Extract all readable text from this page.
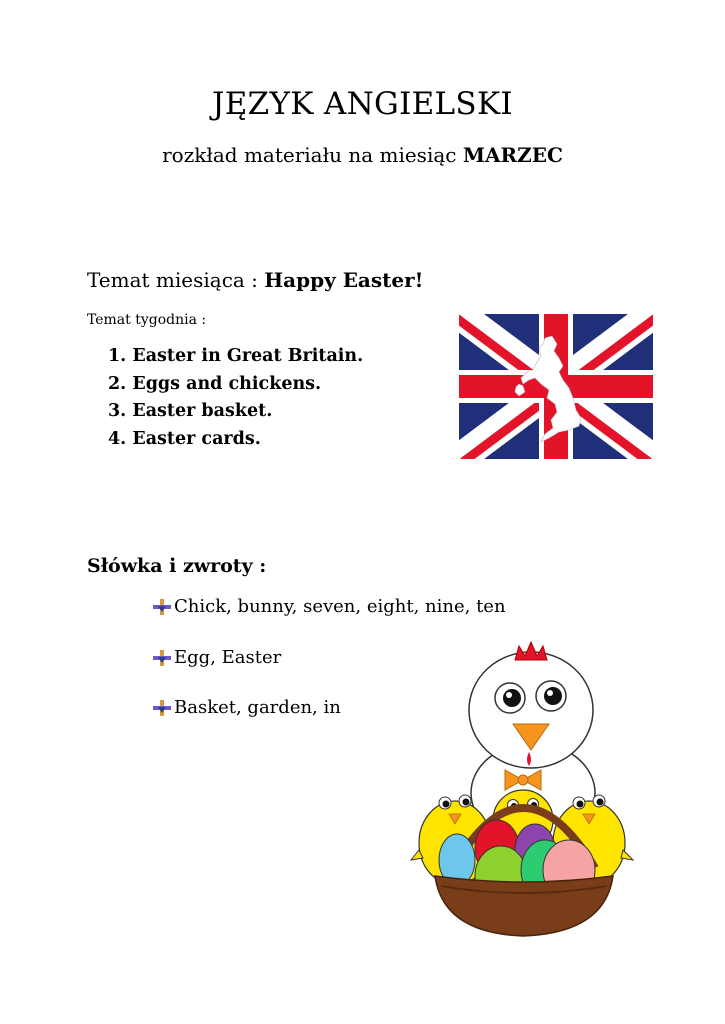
JĘZYK ANGIELSKI
rozkład materiału na miesiąc MARZEC
Temat miesiąca : Happy Easter!
Temat tygodnia :
1. Easter in Great Britain.
2. Eggs and chickens.
3. Easter basket.
4. Easter cards.
Słówka i zwroty :
Chick, bunny, seven, eight, nine, ten
Egg, Easter
Basket, garden, in
